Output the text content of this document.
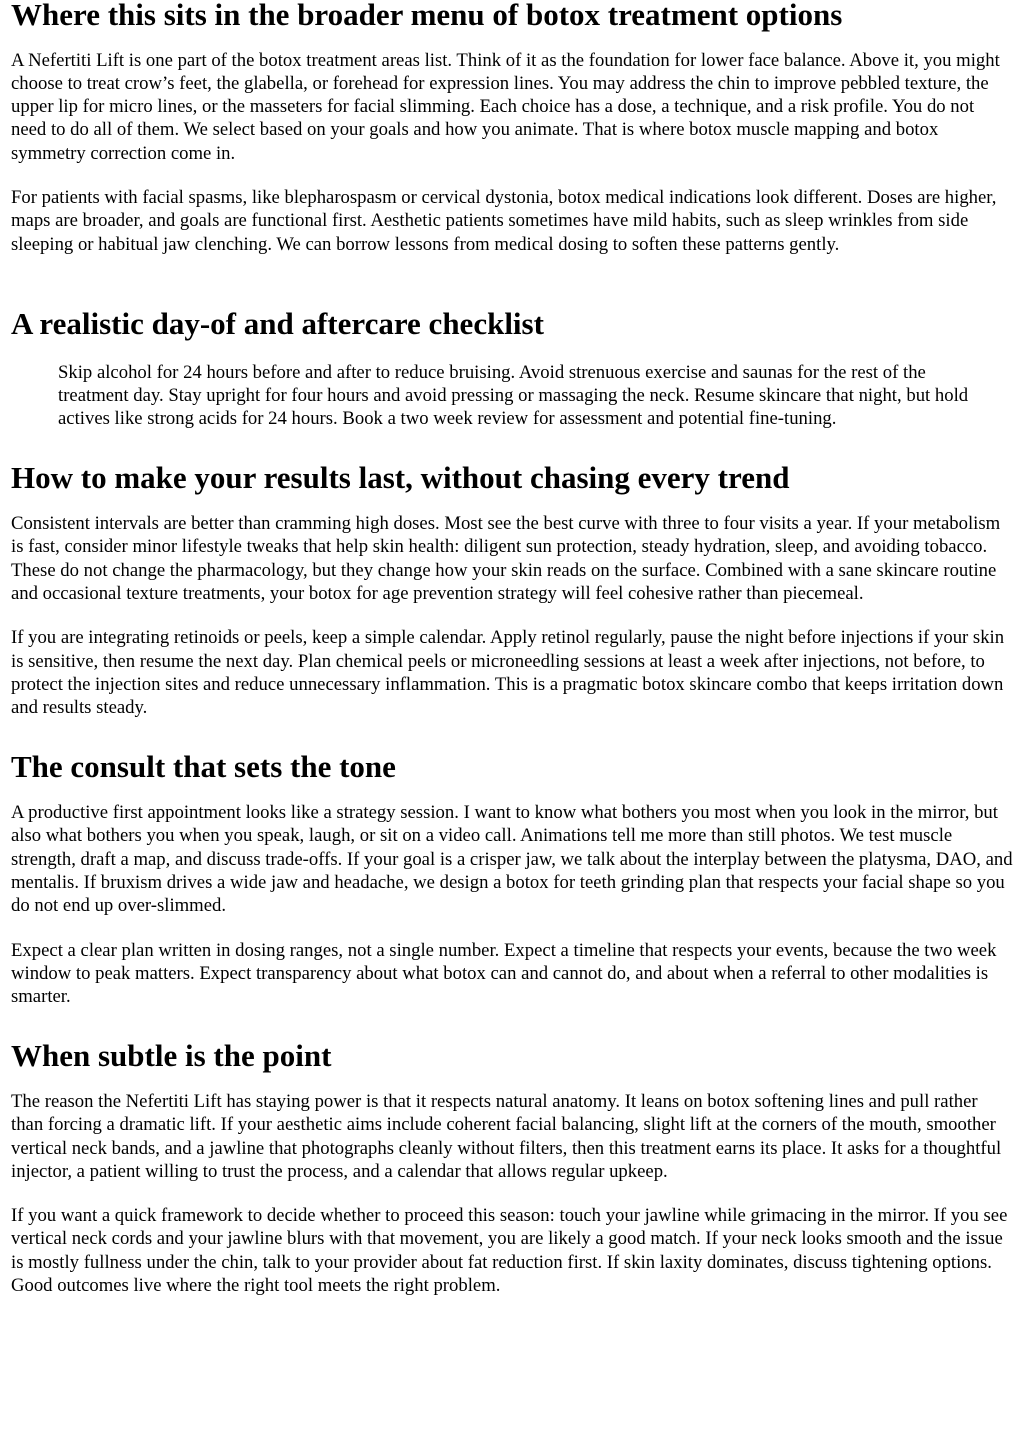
Where this sits in the broader menu of botox treatment options

A Nefertiti Lift is one part of the botox treatment areas list. Think of it as the foundation for lower face balance. Above it, you might choose to treat crow’s feet, the glabella, or forehead for expression lines. You may address the chin to improve pebbled texture, the upper lip for micro lines, or the masseters for facial slimming. Each choice has a dose, a technique, and a risk profile. You do not need to do all of them. We select based on your goals and how you animate. That is where botox muscle mapping and botox symmetry correction come in.

For patients with facial spasms, like blepharospasm or cervical dystonia, botox medical indications look different. Doses are higher, maps are broader, and goals are functional first. Aesthetic patients sometimes have mild habits, such as sleep wrinkles from side sleeping or habitual jaw clenching. We can borrow lessons from medical dosing to soften these patterns gently.

A realistic day-of and aftercare checklist

Skip alcohol for 24 hours before and after to reduce bruising. Avoid strenuous exercise and saunas for the rest of the treatment day. Stay upright for four hours and avoid pressing or massaging the neck. Resume skincare that night, but hold actives like strong acids for 24 hours. Book a two week review for assessment and potential fine-tuning.

How to make your results last, without chasing every trend

Consistent intervals are better than cramming high doses. Most see the best curve with three to four visits a year. If your metabolism is fast, consider minor lifestyle tweaks that help skin health: diligent sun protection, steady hydration, sleep, and avoiding tobacco. These do not change the pharmacology, but they change how your skin reads on the surface. Combined with a sane skincare routine and occasional texture treatments, your botox for age prevention strategy will feel cohesive rather than piecemeal.

If you are integrating retinoids or peels, keep a simple calendar. Apply retinol regularly, pause the night before injections if your skin is sensitive, then resume the next day. Plan chemical peels or microneedling sessions at least a week after injections, not before, to protect the injection sites and reduce unnecessary inflammation. This is a pragmatic botox skincare combo that keeps irritation down and results steady.

The consult that sets the tone

A productive first appointment looks like a strategy session. I want to know what bothers you most when you look in the mirror, but also what bothers you when you speak, laugh, or sit on a video call. Animations tell me more than still photos. We test muscle strength, draft a map, and discuss trade-offs. If your goal is a crisper jaw, we talk about the interplay between the platysma, DAO, and mentalis. If bruxism drives a wide jaw and headache, we design a botox for teeth grinding plan that respects your facial shape so you do not end up over-slimmed.

Expect a clear plan written in dosing ranges, not a single number. Expect a timeline that respects your events, because the two week window to peak matters. Expect transparency about what botox can and cannot do, and about when a referral to other modalities is smarter.

When subtle is the point

The reason the Nefertiti Lift has staying power is that it respects natural anatomy. It leans on botox softening lines and pull rather than forcing a dramatic lift. If your aesthetic aims include coherent facial balancing, slight lift at the corners of the mouth, smoother vertical neck bands, and a jawline that photographs cleanly without filters, then this treatment earns its place. It asks for a thoughtful injector, a patient willing to trust the process, and a calendar that allows regular upkeep.

If you want a quick framework to decide whether to proceed this season: touch your jawline while grimacing in the mirror. If you see vertical neck cords and your jawline blurs with that movement, you are likely a good match. If your neck looks smooth and the issue is mostly fullness under the chin, talk to your provider about fat reduction first. If skin laxity dominates, discuss tightening options. Good outcomes live where the right tool meets the right problem.
